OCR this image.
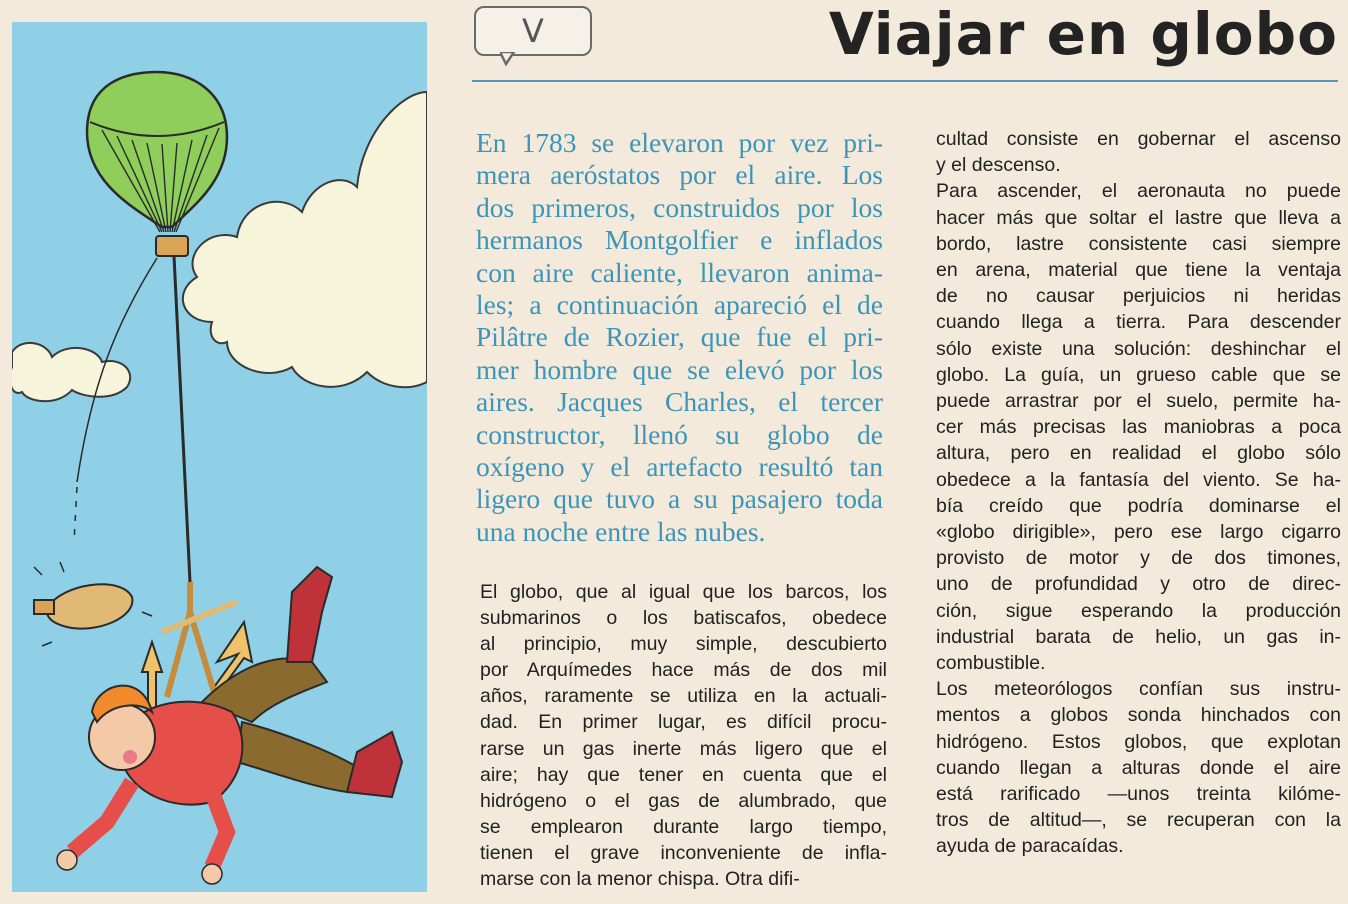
V	Viajar en globo
En 1783 se elevaron por vez pri-
mera aeróstatos por el aire. Los
dos primeros, construidos por los
hermanos Montgolfier e inflados
con aire caliente, llevaron anima-
les; a continuación apareció el de
Pilâtre de Rozier, que fue el pri-
mer hombre que se elevó por los
aires. Jacques Charles, el tercer
constructor, llenó su globo de
oxígeno y el artefacto resultó tan
ligero que tuvo a su pasajero toda
una noche entre las nubes.
El globo, que al igual que los barcos, los
submarinos o los batiscafos, obedece
al principio, muy simple, descubierto
por Arquímedes hace más de dos mil
años, raramente se utiliza en la actuali-
dad. En primer lugar, es difícil procu-
rarse un gas inerte más ligero que el
aire; hay que tener en cuenta que el
hidrógeno o el gas de alumbrado, que
se emplearon durante largo tiempo,
tienen el grave inconveniente de infla-
marse con la menor chispa. Otra difi-
cultad consiste en gobernar el ascenso
y el descenso.
Para ascender, el aeronauta no puede
hacer más que soltar el lastre que lleva a
bordo, lastre consistente casi siempre
en arena, material que tiene la ventaja
de no causar perjuicios ni heridas
cuando llega a tierra. Para descender
sólo existe una solución: deshinchar el
globo. La guía, un grueso cable que se
puede arrastrar por el suelo, permite ha-
cer más precisas las maniobras a poca
altura, pero en realidad el globo sólo
obedece a la fantasía del viento. Se ha-
bía creído que podría dominarse el
«globo dirigible», pero ese largo cigarro
provisto de motor y de dos timones,
uno de profundidad y otro de direc-
ción, sigue esperando la producción
industrial barata de helio, un gas in-
combustible.
Los meteorólogos confían sus instru-
mentos a globos sonda hinchados con
hidrógeno. Estos globos, que explotan
cuando llegan a alturas donde el aire
está rarificado —unos treinta kilóme-
tros de altitud—, se recuperan con la
ayuda de paracaídas.
